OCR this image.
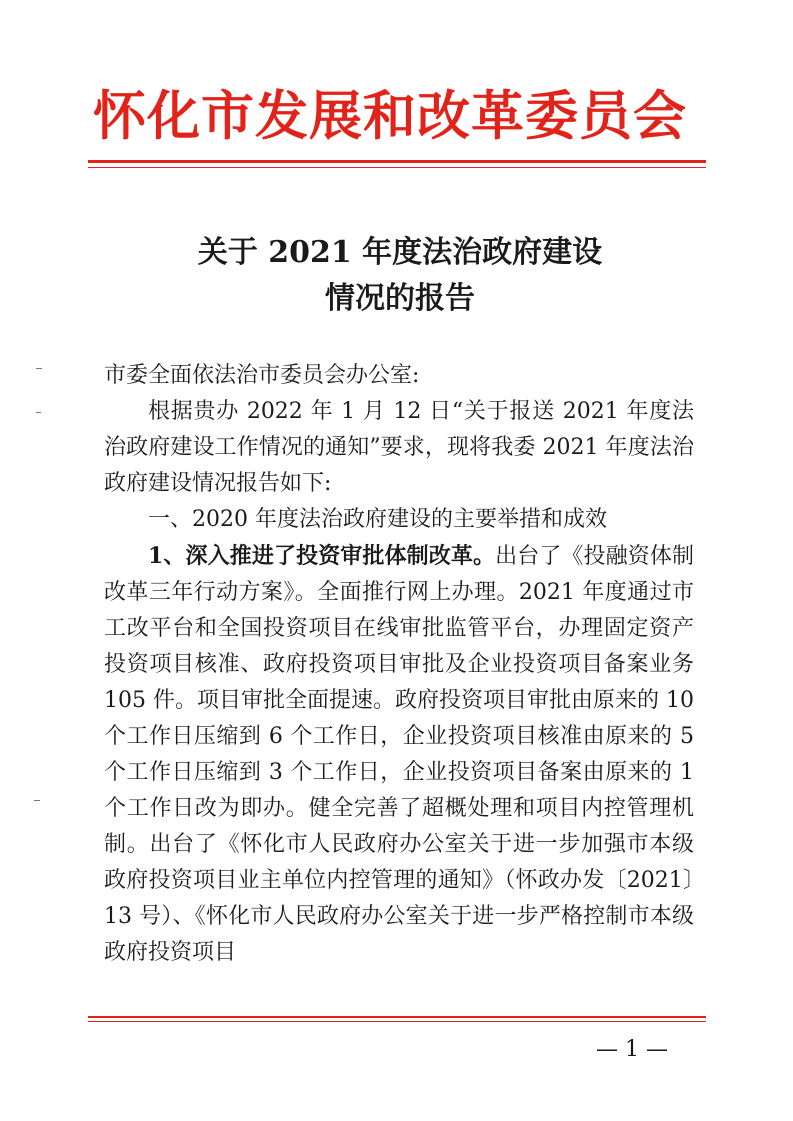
怀化市发展和改革委员会
关于 2021 年度法治政府建设
情况的报告

市委全面依法治市委员会办公室:

根据贵办 2022 年 1 月 12 日“关于报送 2021 年度法治政府建设工作情况的通知”要求，现将我委 2021 年度法治政府建设情况报告如下:

一、2020 年度法治政府建设的主要举措和成效

1、深入推进了投资审批体制改革。出台了《投融资体制改革三年行动方案》。全面推行网上办理。2021 年度通过市工改平台和全国投资项目在线审批监管平台，办理固定资产投资项目核准、政府投资项目审批及企业投资项目备案业务 105 件。项目审批全面提速。政府投资项目审批由原来的 10 个工作日压缩到 6 个工作日，企业投资项目核准由原来的 5 个工作日压缩到 3 个工作日，企业投资项目备案由原来的 1 个工作日改为即办。健全完善了超概处理和项目内控管理机制。出台了《怀化市人民政府办公室关于进一步加强市本级政府投资项目业主单位内控管理的通知》（怀政办发〔2021〕13 号）、《怀化市人民政府办公室关于进一步严格控制市本级政府投资项目

— 1 —
